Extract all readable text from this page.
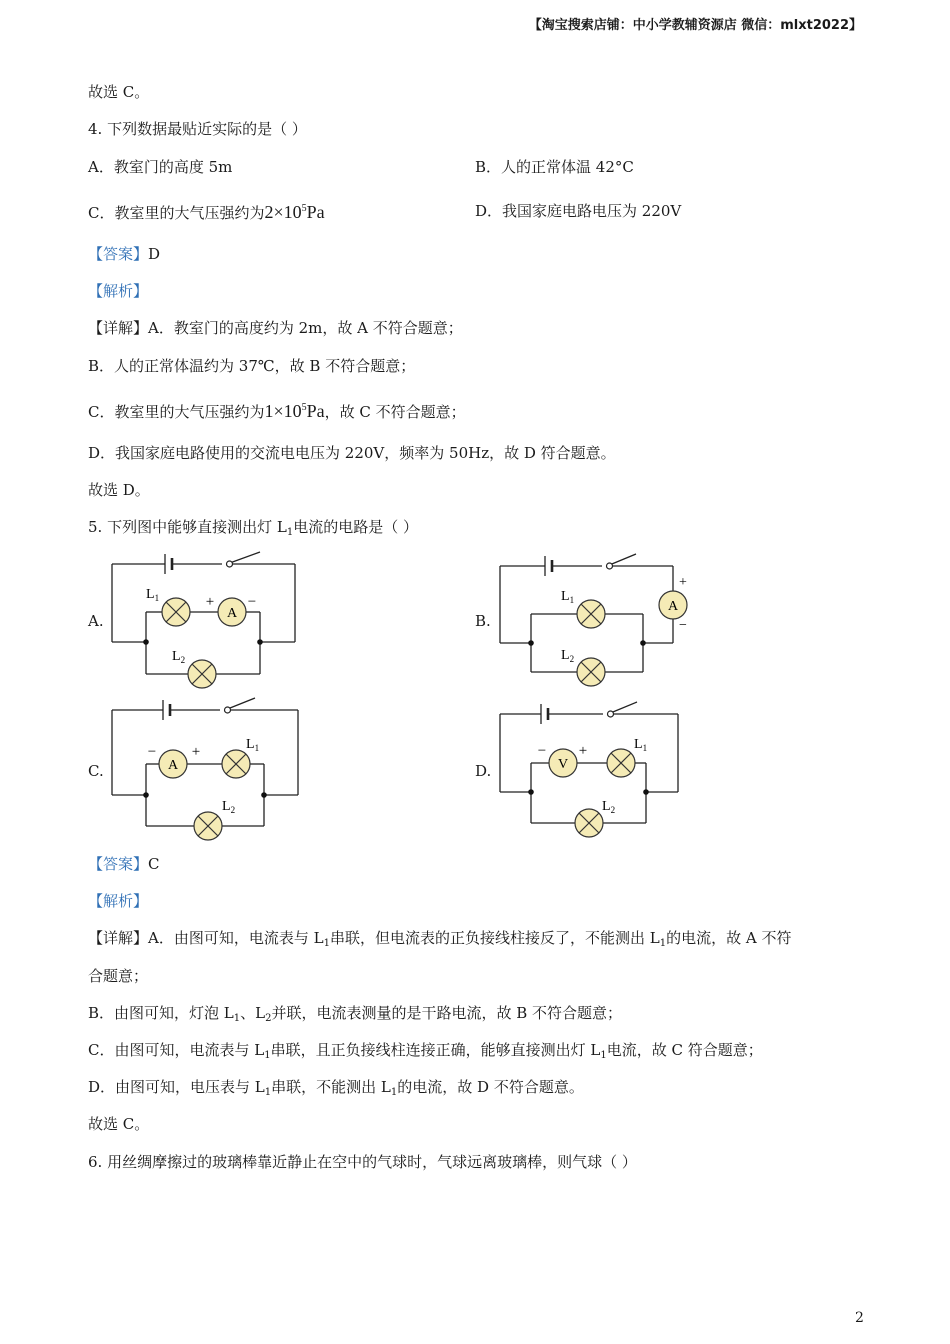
【淘宝搜索店铺：中小学教辅资源店 微信：mlxt2022】
故选 C。
4. 下列数据最贴近实际的是（ ）
A．教室门的高度 5m	B．人的正常体温 42°C
C．教室里的大气压强约为$2\times 10^5Pa$	D．我国家庭电路电压为 220V
【答案】D
【解析】
【详解】A．教室门的高度约为 2m，故 A 不符合题意；
B．人的正常体温约为 37℃，故 B 不符合题意；
C．教室里的大气压强约为$1\times 10^5Pa$，故 C 不符合题意；
D．我国家庭电路使用的交流电电压为 220V，频率为 50Hz，故 D 符合题意。
故选 D。
5. 下列图中能够直接测出灯 $L_1$电流的电路是（ ）
A.
$L_1$
A
+ −
$L_2$
B.
A
+
−
$L_1$
$L_2$
C.	A
− +	$L_1$
$L_2$
D.	V
− +	$L_1$
$L_2$
【答案】C
【解析】
【详解】A．由图可知，电流表与 $L_1$串联，但电流表的正负接线柱接反了，不能测出 $L_1$的电流，故 A 不符
合题意；
B．由图可知，灯泡 $L_1$、$L_2$并联，电流表测量的是干路电流，故 B 不符合题意；
C．由图可知，电流表与 $L_1$串联，且正负接线柱连接正确，能够直接测出灯 $L_1$电流，故 C 符合题意；
D．由图可知，电压表与 $L_1$串联，不能测出 $L_1$的电流，故 D 不符合题意。
故选 C。
6. 用丝绸摩擦过的玻璃棒靠近静止在空中的气球时，气球远离玻璃棒，则气球（ ）
2
